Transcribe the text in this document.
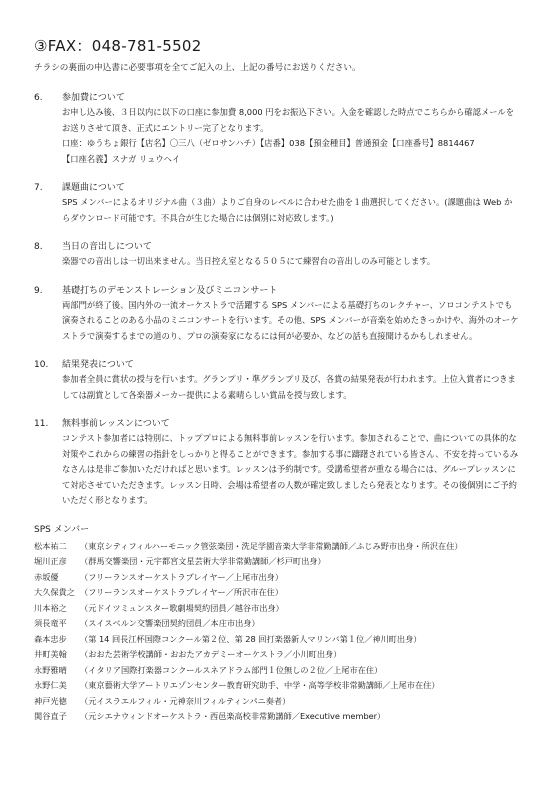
③FAX：048-781-5502
チラシの裏面の申込書に必要事項を全てご記入の上、上記の番号にお送りください。
6.	参加費について

お申し込み後、３日以内に以下の口座に参加費 8,000 円をお振込下さい。入金を確認した時点でこちらから確認メールをお送りさせて頂き、正式にエントリー完了となります。

口座：ゆうちょ銀行【店名】〇三八（ゼロサンハチ）【店番】038【預金種目】普通預金【口座番号】8814467

【口座名義】スナガ リュウヘイ

7.	課題曲について

SPS メンバーによるオリジナル曲（３曲）よりご自身のレベルに合わせた曲を１曲選択してください。(課題曲は Web からダウンロード可能です。不具合が生じた場合には個別に対応致します。)

8.	当日の音出しについて

楽器での音出しは一切出来ません。当日控え室となる５０５にて練習台の音出しのみ可能とします。

9.	基礎打ちのデモンストレーション及びミニコンサート

両部門が終了後、国内外の一流オーケストラで活躍する SPS メンバーによる基礎打ちのレクチャー、ソロコンテストでも演奏されることのある小品のミニコンサートを行います。その他、SPS メンバーが音楽を始めたきっかけや、海外のオーケストラで演奏するまでの道のり、プロの演奏家になるには何が必要か、などの話も直接聞けるかもしれません。

10.	結果発表について

参加者全員に賞状の授与を行います。グランプリ・準グランプリ及び、各賞の結果発表が行われます。上位入賞者につきましては副賞として各楽器メーカー提供による素晴らしい賞品を授与致します。

11.	無料事前レッスンについて

コンテスト参加者には特別に、トッププロによる無料事前レッスンを行います。参加されることで、曲についての具体的な対策やこれからの練習の指針をしっかりと得ることができます。参加する事に躊躇されている皆さん、不安を持っているみなさんは是非ご参加いただければと思います。レッスンは予約制です。受講希望者が重なる場合には、グループレッスンにて対応させていただきます。レッスン日時、会場は希望者の人数が確定致しましたら発表となります。その後個別にご予約いただく形となります。

SPS メンバー
松本祐二 （東京シティフィルハーモニック管弦楽団・洗足学園音楽大学非常勤講師／ふじみ野市出身・所沢在住）
堀川正彦 （群馬交響楽団・元宇都宮文星芸術大学非常勤講師／杉戸町出身）
赤坂優	（フリーランスオーケストラプレイヤー／上尾市出身）
大久保貴之 （フリーランスオーケストラプレイヤー／所沢市在住）
川本裕之 （元ドイツミュンスター歌劇場契約団員／越谷市出身）
須長竜平 （スイスベルン交響楽団契約団員／本庄市出身）
森本忠步 （第 14 回長江杯国際コンクール第２位、第 28 回打楽器新人マリンバ第１位／神川町出身）
井町美翰 （おおた芸術学校講師・おおたアカデミーオーケストラ／小川町出身）
永野雅晴 （イタリア国際打楽器コンクールスネアドラム部門１位無しの２位／上尾市在住）
永野仁美 （東京藝術大学アートリエゾンセンター教育研究助手、中学・高等学校非常勤講師／上尾市在住）
神戸光徳 （元イスラエルフィル・元神奈川フィルティンパニ奏者）
関谷直子 （元シエナウィンドオーケストラ・西邑楽高校非常勤講師／Executive member）
